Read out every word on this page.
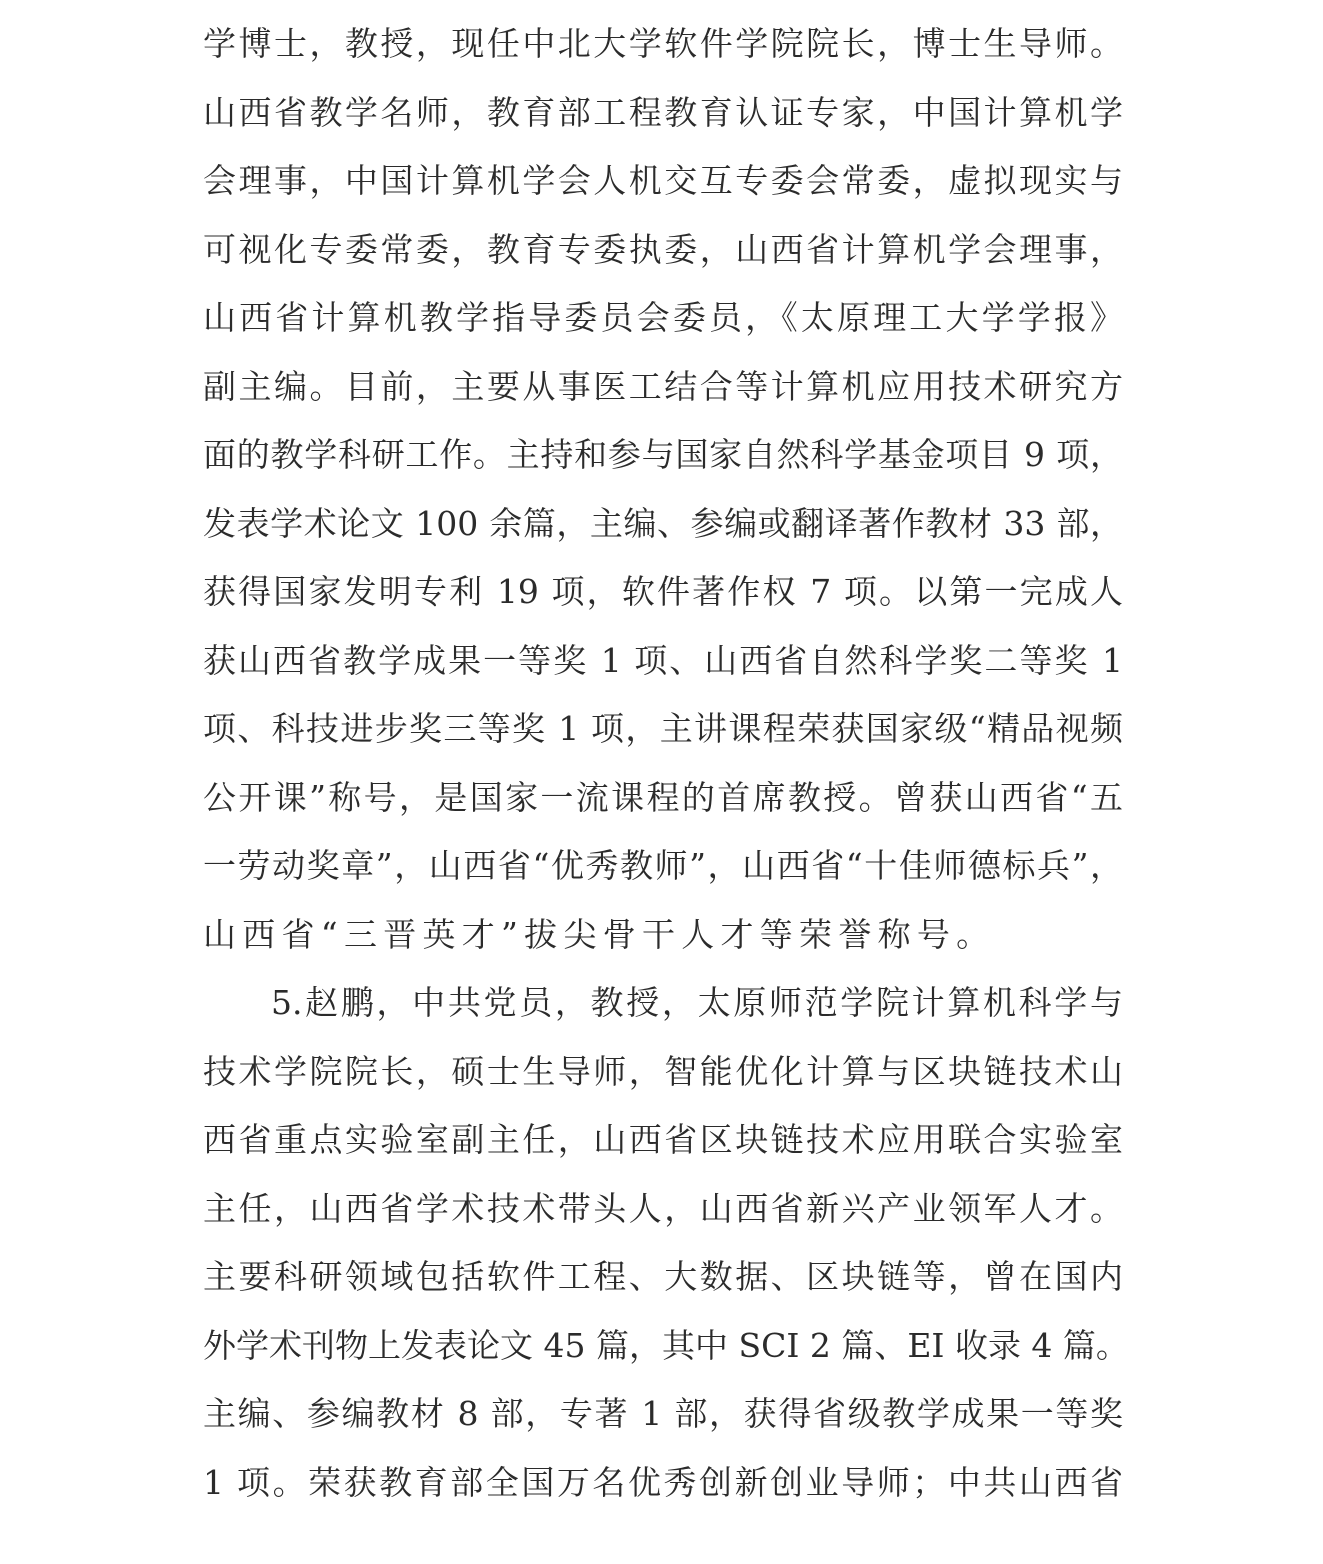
学博士，教授，现任中北大学软件学院院长，博士生导师。
山西省教学名师，教育部工程教育认证专家，中国计算机学
会理事，中国计算机学会人机交互专委会常委，虚拟现实与
可视化专委常委，教育专委执委，山西省计算机学会理事，
山西省计算机教学指导委员会委员，《太原理工大学学报》
副主编。目前，主要从事医工结合等计算机应用技术研究方
面的教学科研工作。主持和参与国家自然科学基金项目 9 项，
发表学术论文 100 余篇，主编、参编或翻译著作教材 33 部，
获得国家发明专利 19 项，软件著作权 7 项。以第一完成人
获山西省教学成果一等奖 1 项、山西省自然科学奖二等奖 1
项、科技进步奖三等奖 1 项，主讲课程荣获国家级“精品视频
公开课”称号，是国家一流课程的首席教授。曾获山西省“五
一劳动奖章”，山西省“优秀教师”，山西省“十佳师德标兵”，
山西省“三晋英才”拔尖骨干人才等荣誉称号。
5.赵鹏，中共党员，教授，太原师范学院计算机科学与
技术学院院长，硕士生导师，智能优化计算与区块链技术山
西省重点实验室副主任，山西省区块链技术应用联合实验室
主任，山西省学术技术带头人，山西省新兴产业领军人才。
主要科研领域包括软件工程、大数据、区块链等，曾在国内
外学术刊物上发表论文 45 篇，其中 SCI 2 篇、EI 收录 4 篇。
主编、参编教材 8 部，专著 1 部，获得省级教学成果一等奖
1 项。荣获教育部全国万名优秀创新创业导师；中共山西省
